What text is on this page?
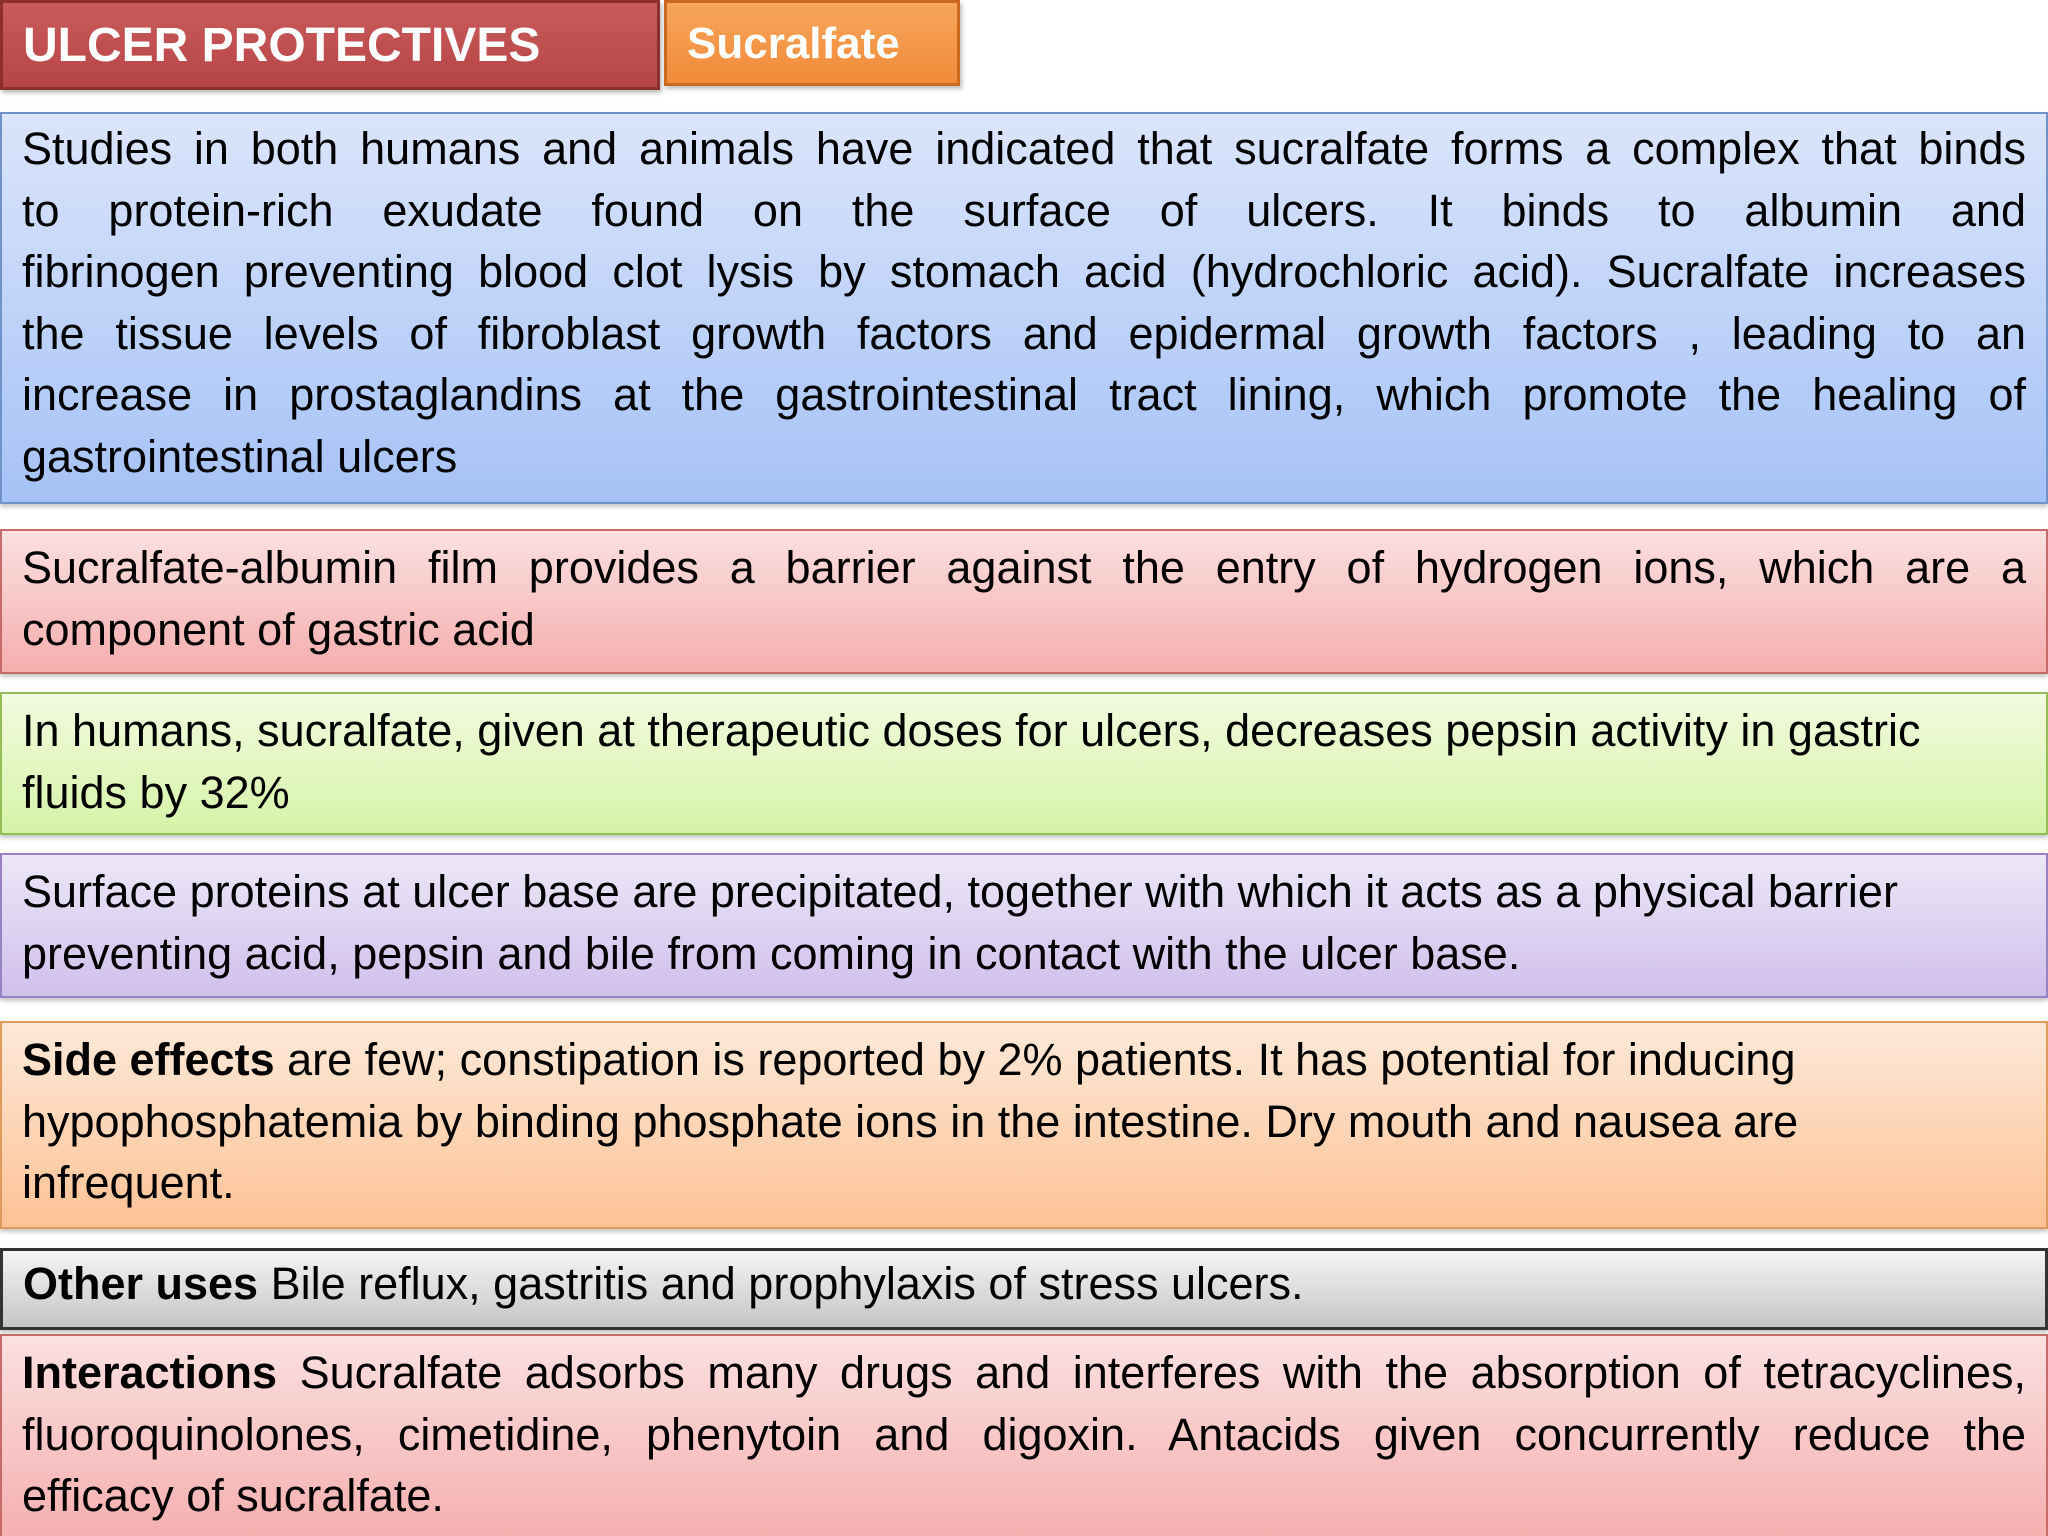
ULCER PROTECTIVES	Sucralfate
Studies in both humans and animals have indicated that sucralfate forms a complex that binds
to protein-rich exudate found on the surface of ulcers. It binds to albumin and
fibrinogen preventing blood clot lysis by stomach acid (hydrochloric acid). Sucralfate increases
the tissue levels of fibroblast growth factors and epidermal growth factors , leading to an
increase in prostaglandins at the gastrointestinal tract lining, which promote the healing of
gastrointestinal ulcers
Sucralfate-albumin film provides a barrier against the entry of hydrogen ions, which are a
component of gastric acid
In humans, sucralfate, given at therapeutic doses for ulcers, decreases pepsin activity in gastric
fluids by 32%
Surface proteins at ulcer base are precipitated, together with which it acts as a physical barrier
preventing acid, pepsin and bile from coming in contact with the ulcer base.
Side effects are few; constipation is reported by 2% patients. It has potential for inducing
hypophosphatemia by binding phosphate ions in the intestine. Dry mouth and nausea are
infrequent.
Other uses Bile reflux, gastritis and prophylaxis of stress ulcers.
Interactions Sucralfate adsorbs many drugs and interferes with the absorption of tetracyclines,
fluoroquinolones, cimetidine, phenytoin and digoxin. Antacids given concurrently reduce the
efficacy of sucralfate.
